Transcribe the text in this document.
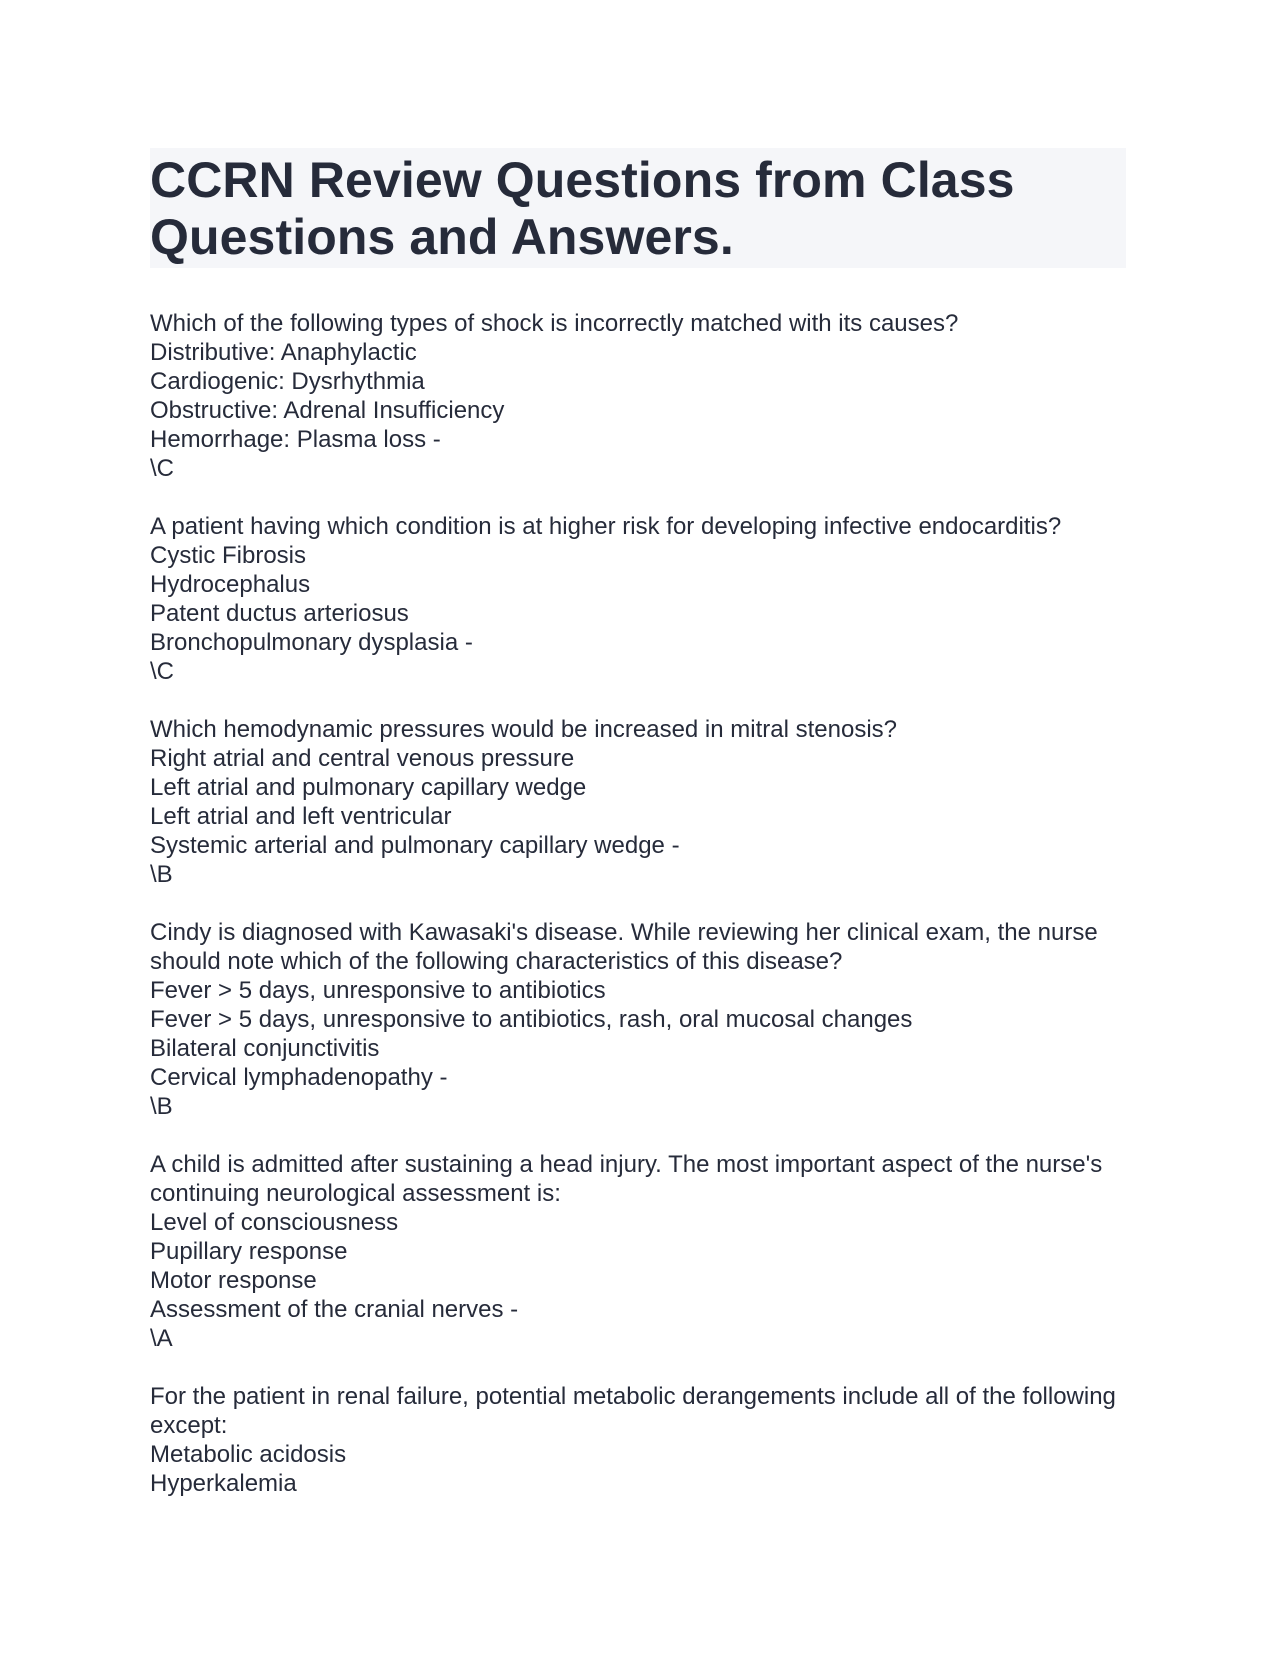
CCRN Review Questions from Class Questions and Answers.
Which of the following types of shock is incorrectly matched with its causes?
Distributive: Anaphylactic
Cardiogenic: Dysrhythmia
Obstructive: Adrenal Insufficiency
Hemorrhage: Plasma loss -
\C
A patient having which condition is at higher risk for developing infective endocarditis?
Cystic Fibrosis
Hydrocephalus
Patent ductus arteriosus
Bronchopulmonary dysplasia -
\C
Which hemodynamic pressures would be increased in mitral stenosis?
Right atrial and central venous pressure
Left atrial and pulmonary capillary wedge
Left atrial and left ventricular
Systemic arterial and pulmonary capillary wedge -
\B
Cindy is diagnosed with Kawasaki's disease. While reviewing her clinical exam, the nurse should note which of the following characteristics of this disease?
Fever > 5 days, unresponsive to antibiotics
Fever > 5 days, unresponsive to antibiotics, rash, oral mucosal changes
Bilateral conjunctivitis
Cervical lymphadenopathy -
\B
A child is admitted after sustaining a head injury. The most important aspect of the nurse's continuing neurological assessment is:
Level of consciousness
Pupillary response
Motor response
Assessment of the cranial nerves -
\A
For the patient in renal failure, potential metabolic derangements include all of the following except:
Metabolic acidosis
Hyperkalemia
